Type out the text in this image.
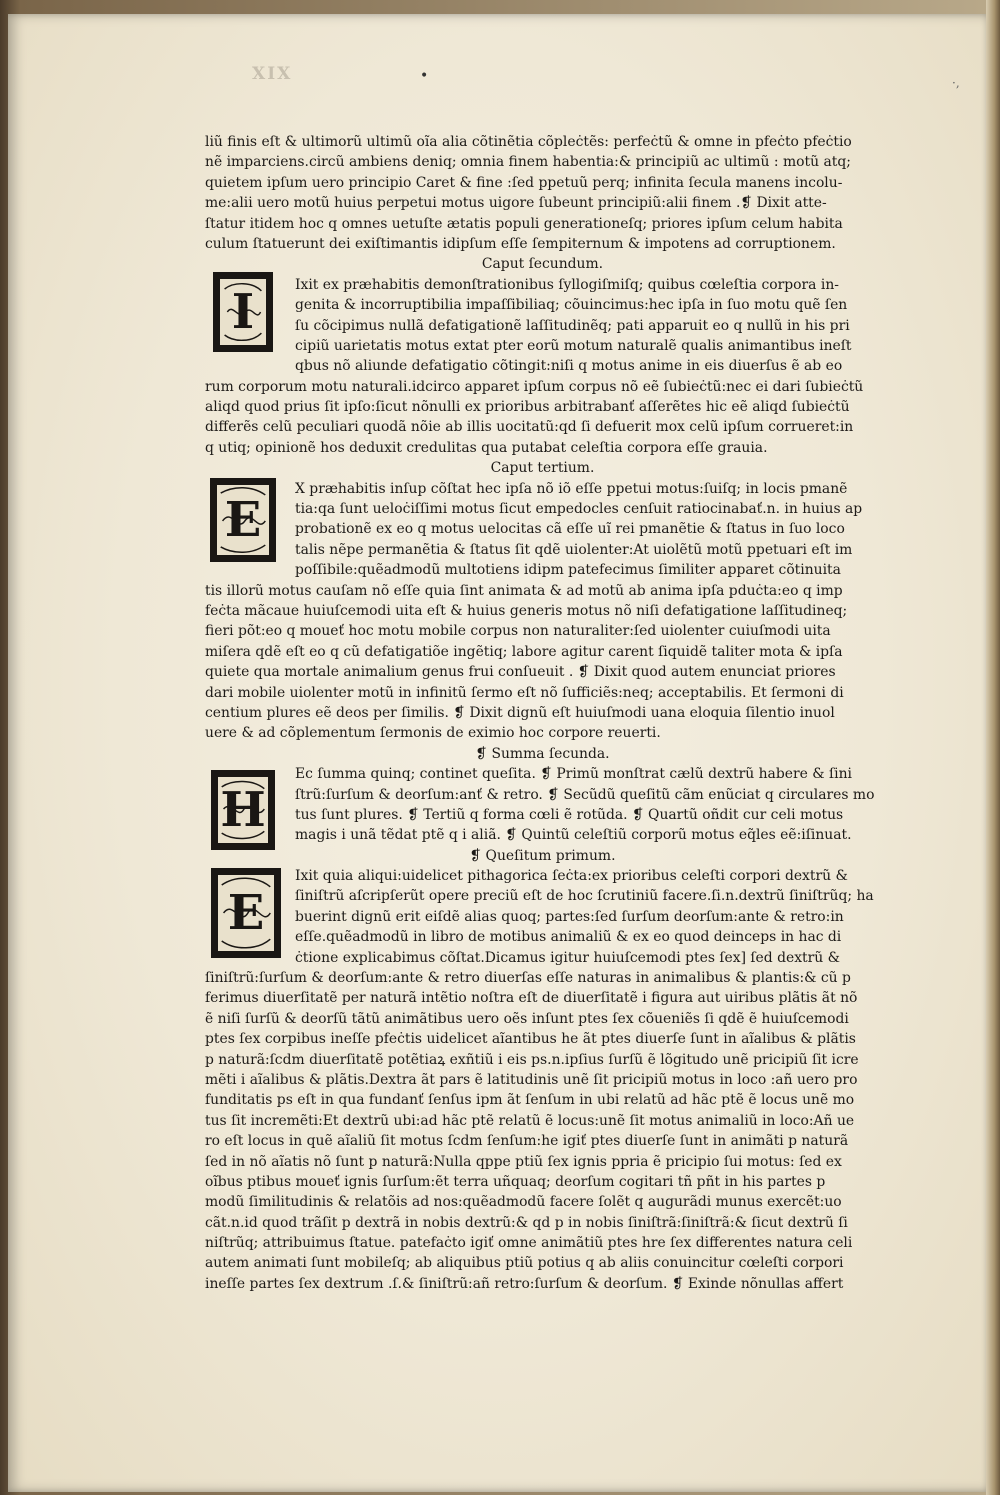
XIX	•	·,
I
E
H
E
liũ finis eſt & ultimorũ ultimũ oĩa alia cõtinẽtia cõpleċtẽs: perfeċtũ & omne in pfeċto pfeċtio
nẽ imparciens.circũ ambiens deniq; omnia finem habentia:& principiũ ac ultimũ : motũ atq;
quietem ipſum uero principio Caret & fine :ſed ppetuũ perq; infinita ſecula manens incolu-
me:alii uero motũ huius perpetui motus uigore ſubeunt principiũ:alii finem .❡ Dixit atte-
ſtatur itidem hoc q omnes uetuſte ætatis populi generationeſq; priores ipſum celum habita
culum ſtatuerunt dei exiſtimantis idipſum eſſe ſempiternum & impotens ad corruptionem.
Caput ſecundum.
Ixit ex præhabitis demonſtrationibus ſyllogiſmiſq; quibus cœleſtia corpora in-
genita & incorruptibilia impaſſibiliaq; cõuincimus:hec ipſa in ſuo motu quẽ ſen
ſu cõcipimus nullã defatigationẽ laſſitudinẽq; pati apparuit eo q nullũ in his pri
cipiũ uarietatis motus extat pter eorũ motum naturalẽ qualis animantibus ineſt
qbus nõ aliunde defatigatio cõtingit:niſi q motus anime in eis diuerſus ẽ ab eo
rum corporum motu naturali.idcirco apparet ipſum corpus nõ eẽ ſubieċtũ:nec ei dari ſubieċtũ
aliqd quod prius ſit ipſo:ſicut nõnulli ex prioribus arbitrabanť aſſerẽtes hic eẽ aliqd ſubieċtũ
differẽs celũ peculiari quodã nõie ab illis uocitatũ:qd ſi defuerit mox celũ ipſum corrueret:in
q utiq; opinionẽ hos deduxit credulitas qua putabat celeſtia corpora eſſe grauia.
Caput tertium.
X præhabitis inſup cõſtat hec ipſa nõ iõ eſſe ppetui motus:ſuiſq; in locis pmanẽ
tia:qa ſunt ueloċiſſimi motus ſicut empedocles cenſuit ratiocinabať.n. in huius ap
probationẽ ex eo q motus uelocitas cã eſſe uĩ rei pmanẽtie & ſtatus in ſuo loco
talis nẽpe permanẽtia & ſtatus ſit qdẽ uiolenter:At uiolẽtũ motũ ppetuari eſt im
poſſibile:quẽadmodũ multotiens idipm patefecimus ſimiliter apparet cõtinuita
tis illorũ motus cauſam nõ eſſe quia ſint animata & ad motũ ab anima ipſa pduċta:eo q imp
feċta mãcaue huiuſcemodi uita eſt & huius generis motus nõ niſi defatigatione laſſitudineq;
fieri põt:eo q moueť hoc motu mobile corpus non naturaliter:ſed uiolenter cuiuſmodi uita
miſera qdẽ eſt eo q cũ defatigatiõe ingẽtiq; labore agitur carent ſiquidẽ taliter mota & ipſa
quiete qua mortale animalium genus frui conſueuit . ❡ Dixit quod autem enunciat priores
dari mobile uiolenter motũ in infinitũ ſermo eſt nõ ſufficiẽs:neq; acceptabilis. Et ſermoni di
centium plures eẽ deos per ſimilis. ❡ Dixit dignũ eſt huiuſmodi uana eloquia ſilentio inuol
uere & ad cõplementum ſermonis de eximio hoc corpore reuerti.
❡ Summa ſecunda.
Ec ſumma quinq; continet queſita. ❡ Primũ monſtrat cælũ dextrũ habere & ſini
ſtrũ:ſurſum & deorſum:anť & retro. ❡ Secũdũ queſitũ cãm enũciat q circulares mo
tus ſunt plures. ❡ Tertiũ q forma cœli ẽ rotũda. ❡ Quartũ oñdit cur celi motus
magis i unã tẽdat ptẽ q i aliã. ❡ Quintũ celeſtiũ corporũ motus eq̃les eẽ:iſinuat.
❡ Queſitum primum.
Ixit quia aliqui:uidelicet pithagorica ſeċta:ex prioribus celeſti corpori dextrũ &
ſiniſtrũ aſcripſerũt opere preciũ eſt de hoc ſcrutiniũ facere.ſi.n.dextrũ ſiniſtrũq; ha
buerint dignũ erit eiſdẽ alias quoq; partes:ſed ſurſum deorſum:ante & retro:in
eſſe.quẽadmodũ in libro de motibus animaliũ & ex eo quod deinceps in hac di
ċtione explicabimus cõſtat.Dicamus igitur huiuſcemodi ptes ſex] ſed dextrũ &
ſiniſtrũ:ſurſum & deorſum:ante & retro diuerſas eſſe naturas in animalibus & plantis:& cũ p
ferimus diuerſitatẽ per naturã intẽtio noſtra eſt de diuerſitatẽ i figura aut uiribus plãtis ãt nõ
ẽ niſi ſurſũ & deorſũ tãtũ animãtibus uero oẽs inſunt ptes ſex cõueniẽs ſi qdẽ ẽ huiuſcemodi
ptes ſex corpibus ineſſe pfeċtis uidelicet aĩantibus he ãt ptes diuerſe ſunt in aĩalibus & plãtis
p naturã:ſcdm diuerſitatẽ potẽtiaꝝ exñtiũ i eis ps.n.ipſius ſurſũ ẽ lõgitudo unẽ pricipiũ ſit icre
mẽti i aĩalibus & plãtis.Dextra ãt pars ẽ latitudinis unẽ ſit pricipiũ motus in loco :añ uero pro
funditatis ps eſt in qua fundanť ſenſus ipm ãt ſenſum in ubi relatũ ad hãc ptẽ ẽ locus unẽ mo
tus ſit incremẽti:Et dextrũ ubi:ad hãc ptẽ relatũ ẽ locus:unẽ ſit motus animaliũ in loco:Añ ue
ro eſt locus in quẽ aĩaliũ ſit motus ſcdm ſenſum:he igiť ptes diuerſe ſunt in animãti p naturã
ſed in nõ aĩatis nõ ſunt p naturã:Nulla qppe ptiũ ſex ignis ppria ẽ pricipio ſui motus: ſed ex
oĩbus ptibus moueť ignis ſurſum:ẽt terra uñquaq; deorſum cogitari tñ pñt in his partes p
modũ ſimilitudinis & relatõis ad nos:quẽadmodũ facere ſolẽt q augurãdi munus exercẽt:uo
cãt.n.id quod trãſit p dextrã in nobis dextrũ:& qd p in nobis ſiniſtrã:ſiniſtrã:& ſicut dextrũ ſi
niſtrũq; attribuimus ſtatue. patefaċto igiť omne animãtiũ ptes hre ſex differentes natura celi
autem animati ſunt mobileſq; ab aliquibus ptiũ potius q ab aliis conuincitur cœleſti corpori
ineſſe partes ſex dextrum .ſ.& ſiniſtrũ:añ retro:ſurſum & deorſum. ❡ Exinde nõnullas affert
